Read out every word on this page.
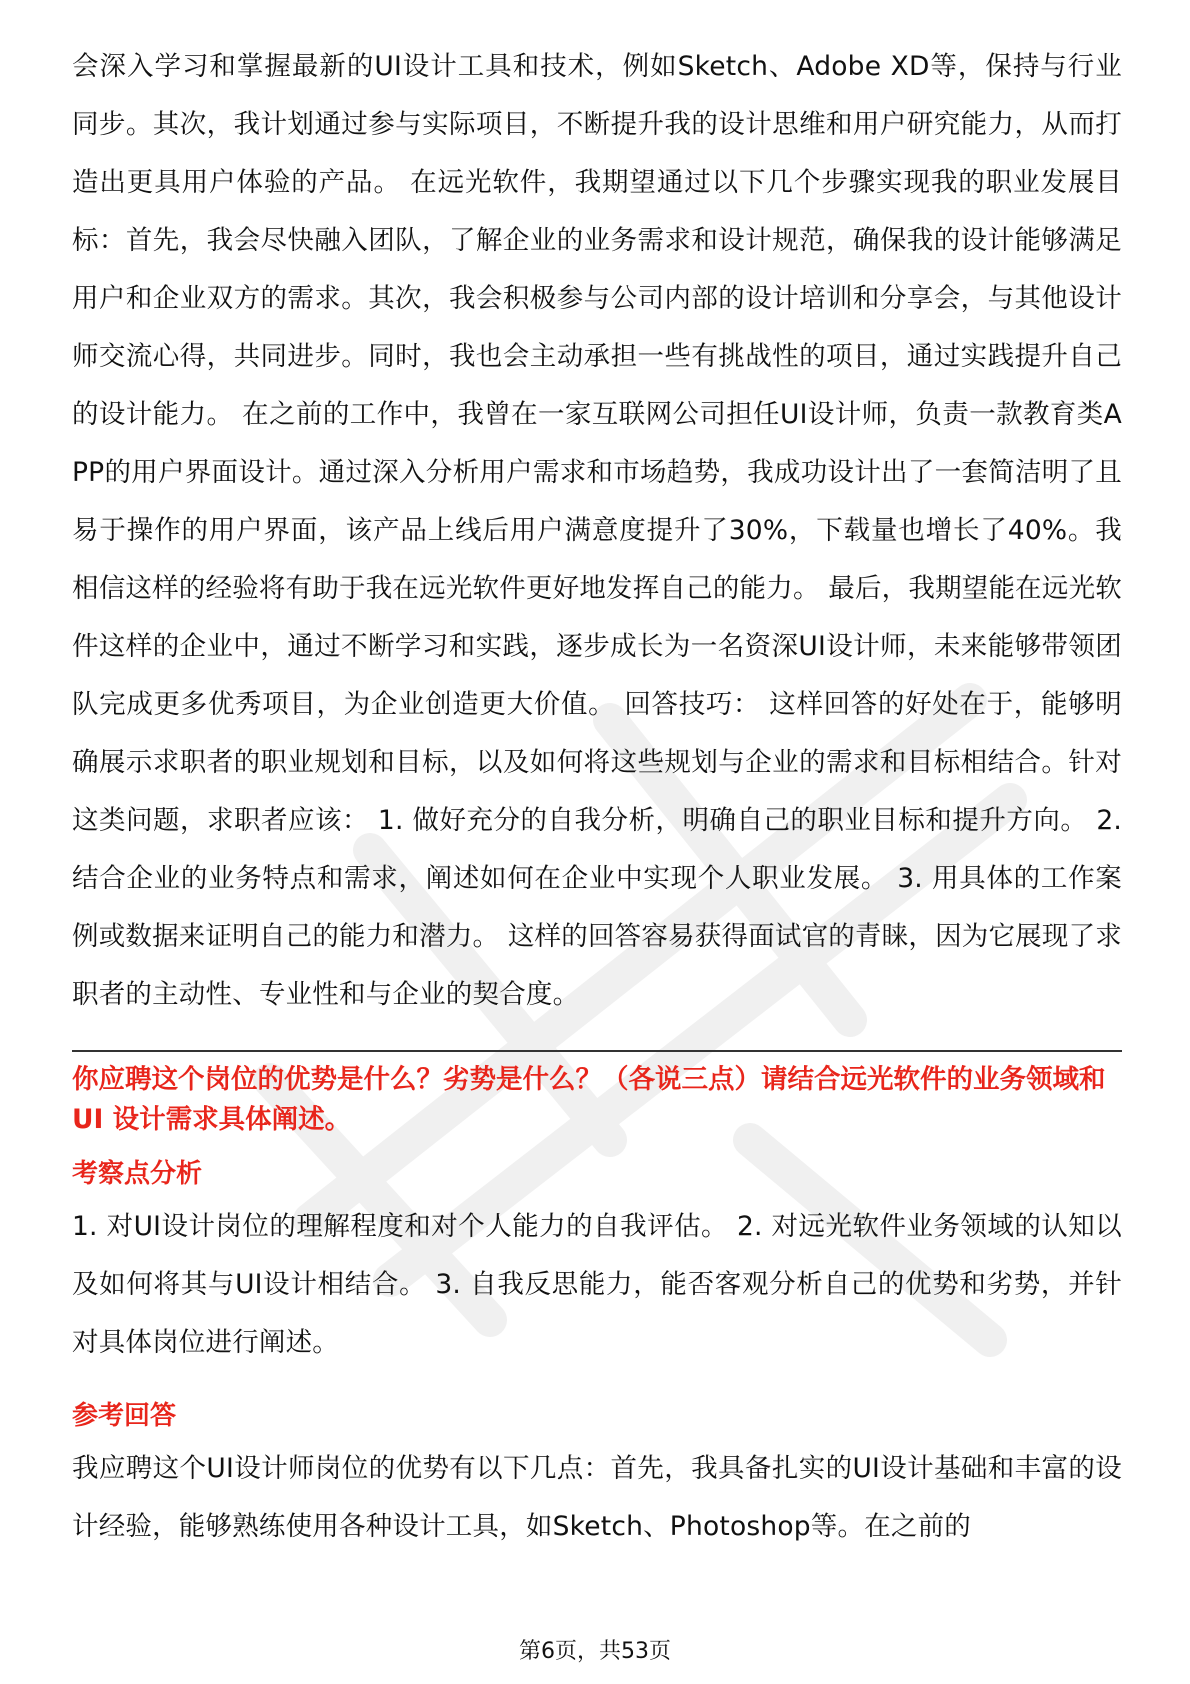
会深入学习和掌握最新的UI设计工具和技术，例如Sketch、Adobe XD等，保持与行业同步。其次，我计划通过参与实际项目，不断提升我的设计思维和用户研究能力，从而打造出更具用户体验的产品。 在远光软件，我期望通过以下几个步骤实现我的职业发展目标：首先，我会尽快融入团队，了解企业的业务需求和设计规范，确保我的设计能够满足用户和企业双方的需求。其次，我会积极参与公司内部的设计培训和分享会，与其他设计师交流心得，共同进步。同时，我也会主动承担一些有挑战性的项目，通过实践提升自己的设计能力。 在之前的工作中，我曾在一家互联网公司担任UI设计师，负责一款教育类APP的用户界面设计。通过深入分析用户需求和市场趋势，我成功设计出了一套简洁明了且易于操作的用户界面，该产品上线后用户满意度提升了30%，下载量也增长了40%。我相信这样的经验将有助于我在远光软件更好地发挥自己的能力。 最后，我期望能在远光软件这样的企业中，通过不断学习和实践，逐步成长为一名资深UI设计师，未来能够带领团队完成更多优秀项目，为企业创造更大价值。 回答技巧： 这样回答的好处在于，能够明确展示求职者的职业规划和目标，以及如何将这些规划与企业的需求和目标相结合。针对这类问题，求职者应该： 1. 做好充分的自我分析，明确自己的职业目标和提升方向。 2. 结合企业的业务特点和需求，阐述如何在企业中实现个人职业发展。 3. 用具体的工作案例或数据来证明自己的能力和潜力。 这样的回答容易获得面试官的青睐，因为它展现了求职者的主动性、专业性和与企业的契合度。

你应聘这个岗位的优势是什么？劣势是什么？（各说三点）请结合远光软件的业务领域和 UI 设计需求具体阐述。
考察点分析

1. 对UI设计岗位的理解程度和对个人能力的自我评估。 2. 对远光软件业务领域的认知以及如何将其与UI设计相结合。 3. 自我反思能力，能否客观分析自己的优势和劣势，并针对具体岗位进行阐述。

参考回答

我应聘这个UI设计师岗位的优势有以下几点：首先，我具备扎实的UI设计基础和丰富的设计经验，能够熟练使用各种设计工具，如Sketch、Photoshop等。在之前的

第6页，共53页
